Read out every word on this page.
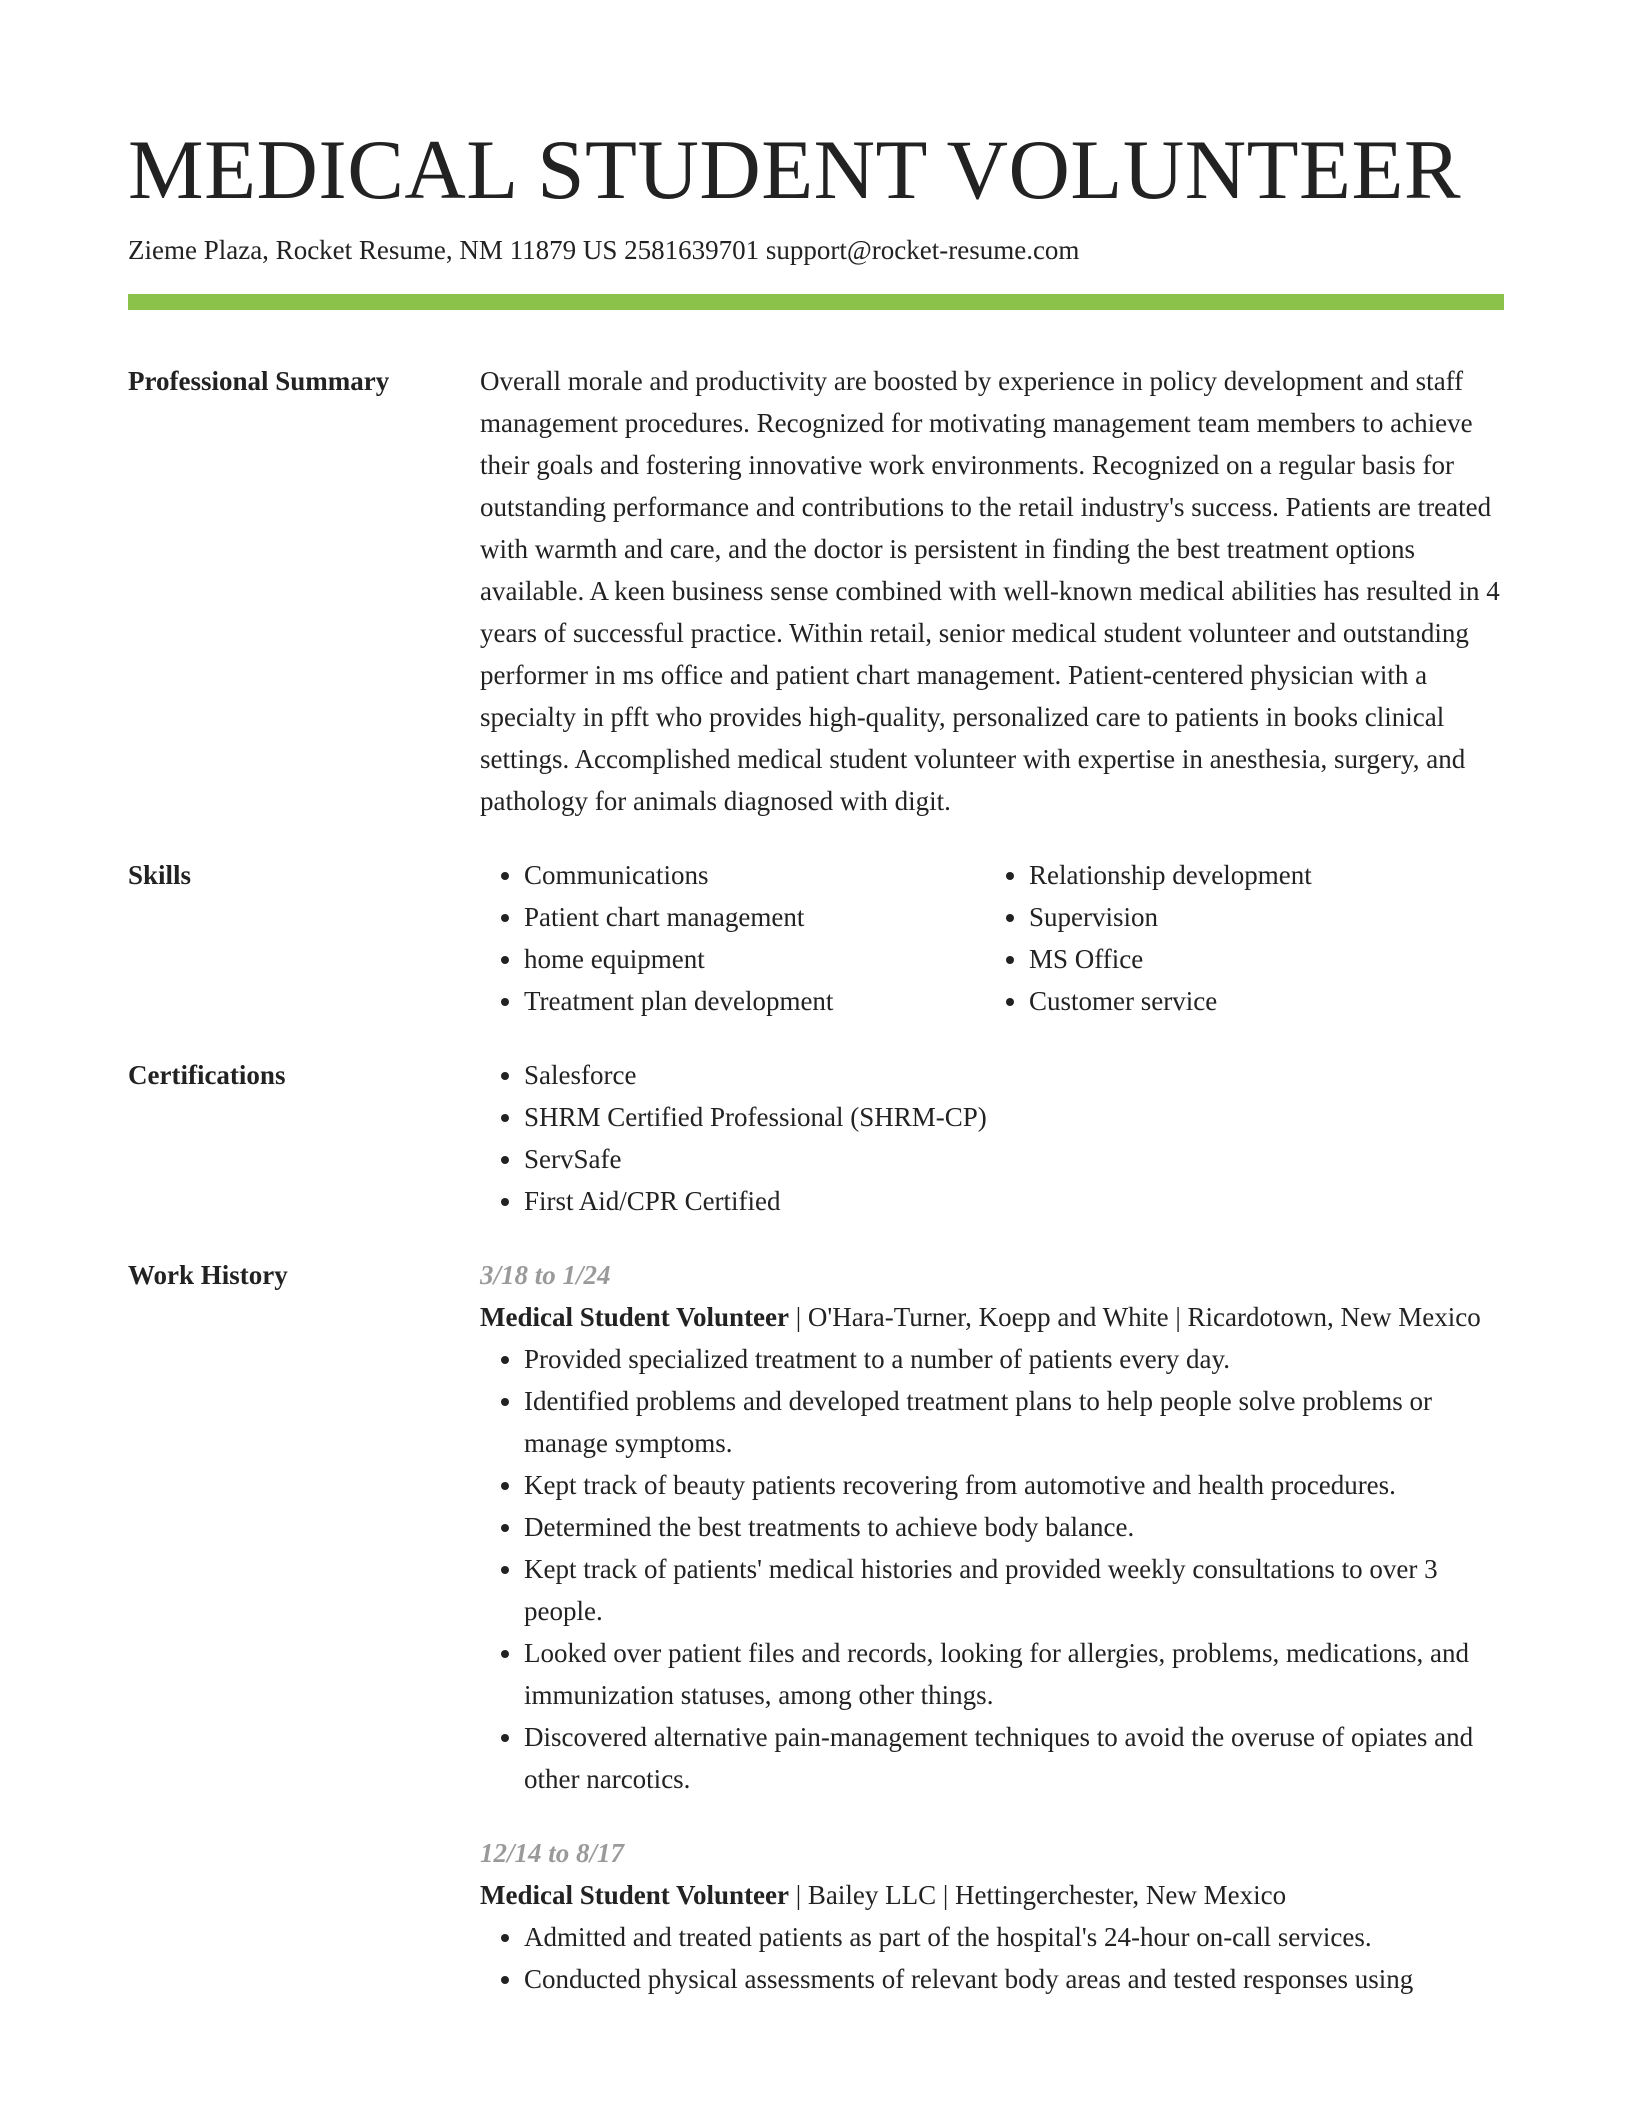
MEDICAL STUDENT VOLUNTEER
Zieme Plaza, Rocket Resume, NM 11879 US 2581639701 support@rocket-resume.com
Professional Summary	Overall morale and productivity are boosted by experience in policy development and staff management procedures. Recognized for motivating management team members to achieve their goals and fostering innovative work environments. Recognized on a regular basis for outstanding performance and contributions to the retail industry's success. Patients are treated with warmth and care, and the doctor is persistent in finding the best treatment options available. A keen business sense combined with well-known medical abilities has resulted in 4 years of successful practice. Within retail, senior medical student volunteer and outstanding performer in ms office and patient chart management. Patient-centered physician with a specialty in pfft who provides high-quality, personalized care to patients in books clinical settings. Accomplished medical student volunteer with expertise in anesthesia, surgery, and pathology for animals diagnosed with digit.

Skills	• Communications
• Patient chart management
• home equipment
• Treatment plan development
• Relationship development
• Supervision
• MS Office
• Customer service
Certifications	• Salesforce
• SHRM Certified Professional (SHRM-CP)
• ServSafe
• First Aid/CPR Certified
Work History	3/18 to 1/24

Medical Student Volunteer | O'Hara-Turner, Koepp and White | Ricardotown, New Mexico

• Provided specialized treatment to a number of patients every day.
• Identified problems and developed treatment plans to help people solve problems or manage symptoms.
• Kept track of beauty patients recovering from automotive and health procedures.
• Determined the best treatments to achieve body balance.
• Kept track of patients' medical histories and provided weekly consultations to over 3 people.
• Looked over patient files and records, looking for allergies, problems, medications, and immunization statuses, among other things.
• Discovered alternative pain-management techniques to avoid the overuse of opiates and other narcotics.
12/14 to 8/17

Medical Student Volunteer | Bailey LLC | Hettingerchester, New Mexico

• Admitted and treated patients as part of the hospital's 24-hour on-call services.
• Conducted physical assessments of relevant body areas and tested responses using
